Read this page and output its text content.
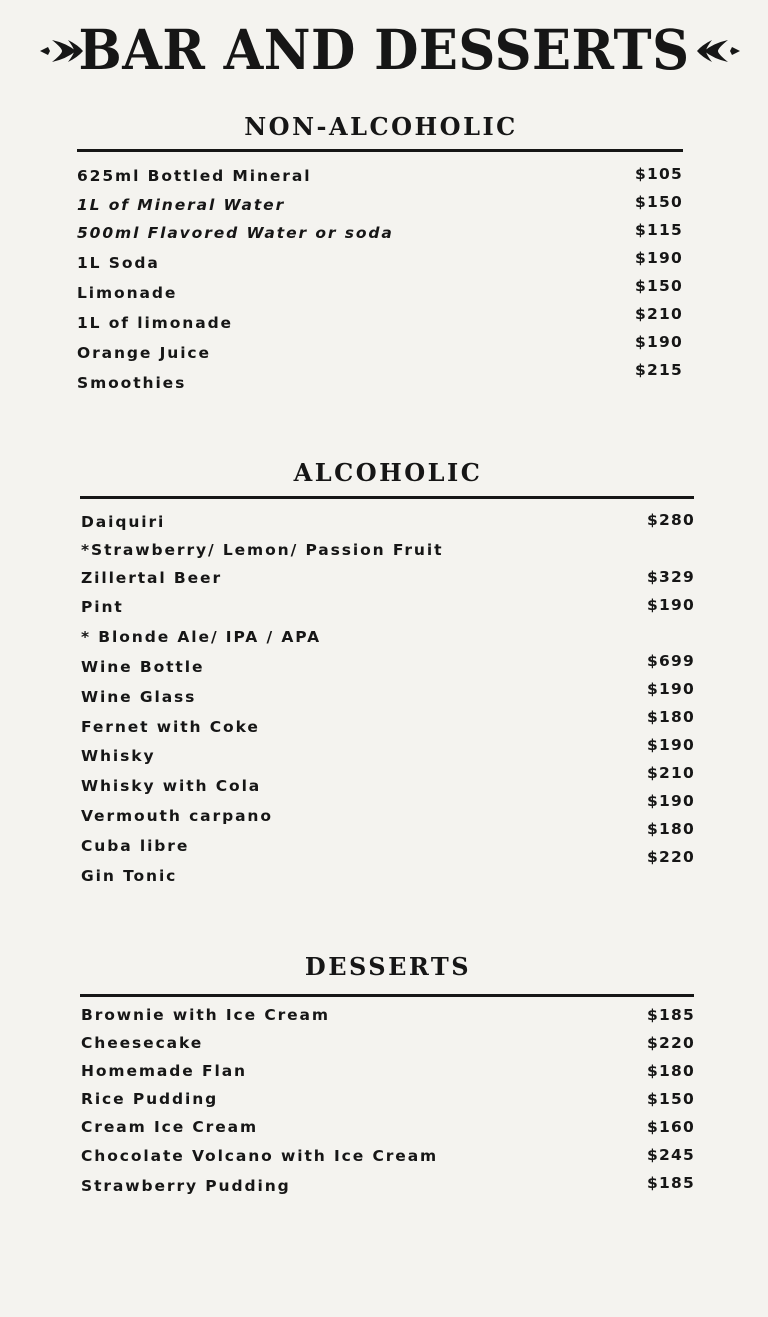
BAR AND DESSERTS
NON-ALCOHOLIC
625ml Bottled Mineral
1L of Mineral Water
500ml Flavored Water or soda
1L Soda
Limonade
1L of limonade
Orange Juice
Smoothies
$105
$150
$115
$190
$150
$210
$190
$215
ALCOHOLIC
Daiquiri
*Strawberry/ Lemon/ Passion Fruit
Zillertal Beer
Pint
* Blonde Ale/ IPA / APA
Wine Bottle
Wine Glass
Fernet with Coke
Whisky
Whisky with Cola
Vermouth carpano
Cuba libre
Gin Tonic
$280
$329
$190
$699
$190
$180
$190
$210
$190
$180
$220
DESSERTS
Brownie with Ice Cream
Cheesecake
Homemade Flan
Rice Pudding
Cream Ice Cream
Chocolate Volcano with Ice Cream
Strawberry Pudding
$185
$220
$180
$150
$160
$245
$185
